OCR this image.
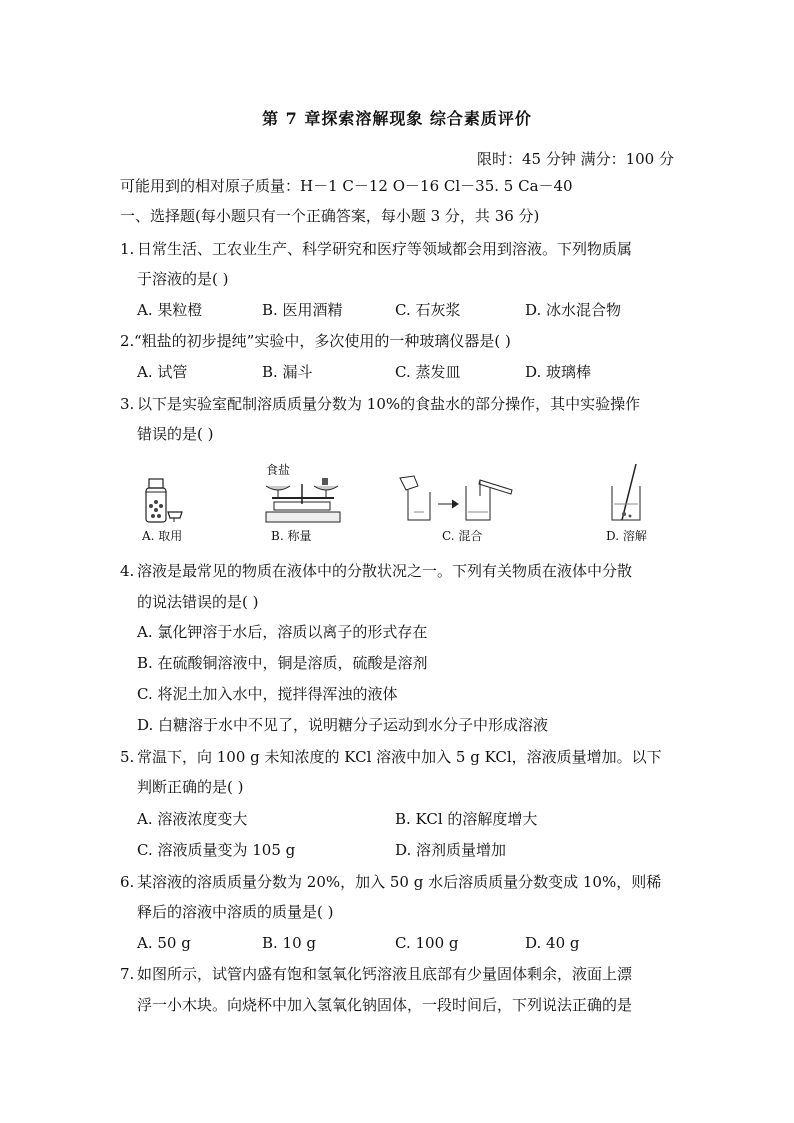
第 7 章探索溶解现象 综合素质评价
限时：45 分钟 满分：100 分
可能用到的相对原子质量：H－1 C－12 O－16 Cl－35. 5 Ca－40
一、选择题(每小题只有一个正确答案，每小题 3 分，共 36 分)
1. 日常生活、工农业生产、科学研究和医疗等领域都会用到溶液。下列物质属
于溶液的是( )
A. 果粒橙	B. 医用酒精	C. 石灰浆	D. 冰水混合物
2. “粗盐的初步提纯”实验中，多次使用的一种玻璃仪器是( )
A. 试管	B. 漏斗	C. 蒸发皿	D. 玻璃棒
3. 以下是实验室配制溶质质量分数为 10%的食盐水的部分操作，其中实验操作
错误的是( )
A. 取用
食盐
B. 称量	C. 混合	D. 溶解
4. 溶液是最常见的物质在液体中的分散状况之一。下列有关物质在液体中分散
的说法错误的是( )
A. 氯化钾溶于水后，溶质以离子的形式存在
B. 在硫酸铜溶液中，铜是溶质，硫酸是溶剂
C. 将泥土加入水中，搅拌得浑浊的液体
D. 白糖溶于水中不见了，说明糖分子运动到水分子中形成溶液
5. 常温下，向 100 g 未知浓度的 KCl 溶液中加入 5 g KCl，溶液质量增加。以下
判断正确的是( )
A. 溶液浓度变大	B. KCl 的溶解度增大
C. 溶液质量变为 105 g	D. 溶剂质量增加
6. 某溶液的溶质质量分数为 20%，加入 50 g 水后溶质质量分数变成 10%，则稀
释后的溶液中溶质的质量是( )
A. 50 g	B. 10 g	C. 100 g	D. 40 g
7. 如图所示，试管内盛有饱和氢氧化钙溶液且底部有少量固体剩余，液面上漂
浮一小木块。向烧杯中加入氢氧化钠固体，一段时间后，下列说法正确的是
